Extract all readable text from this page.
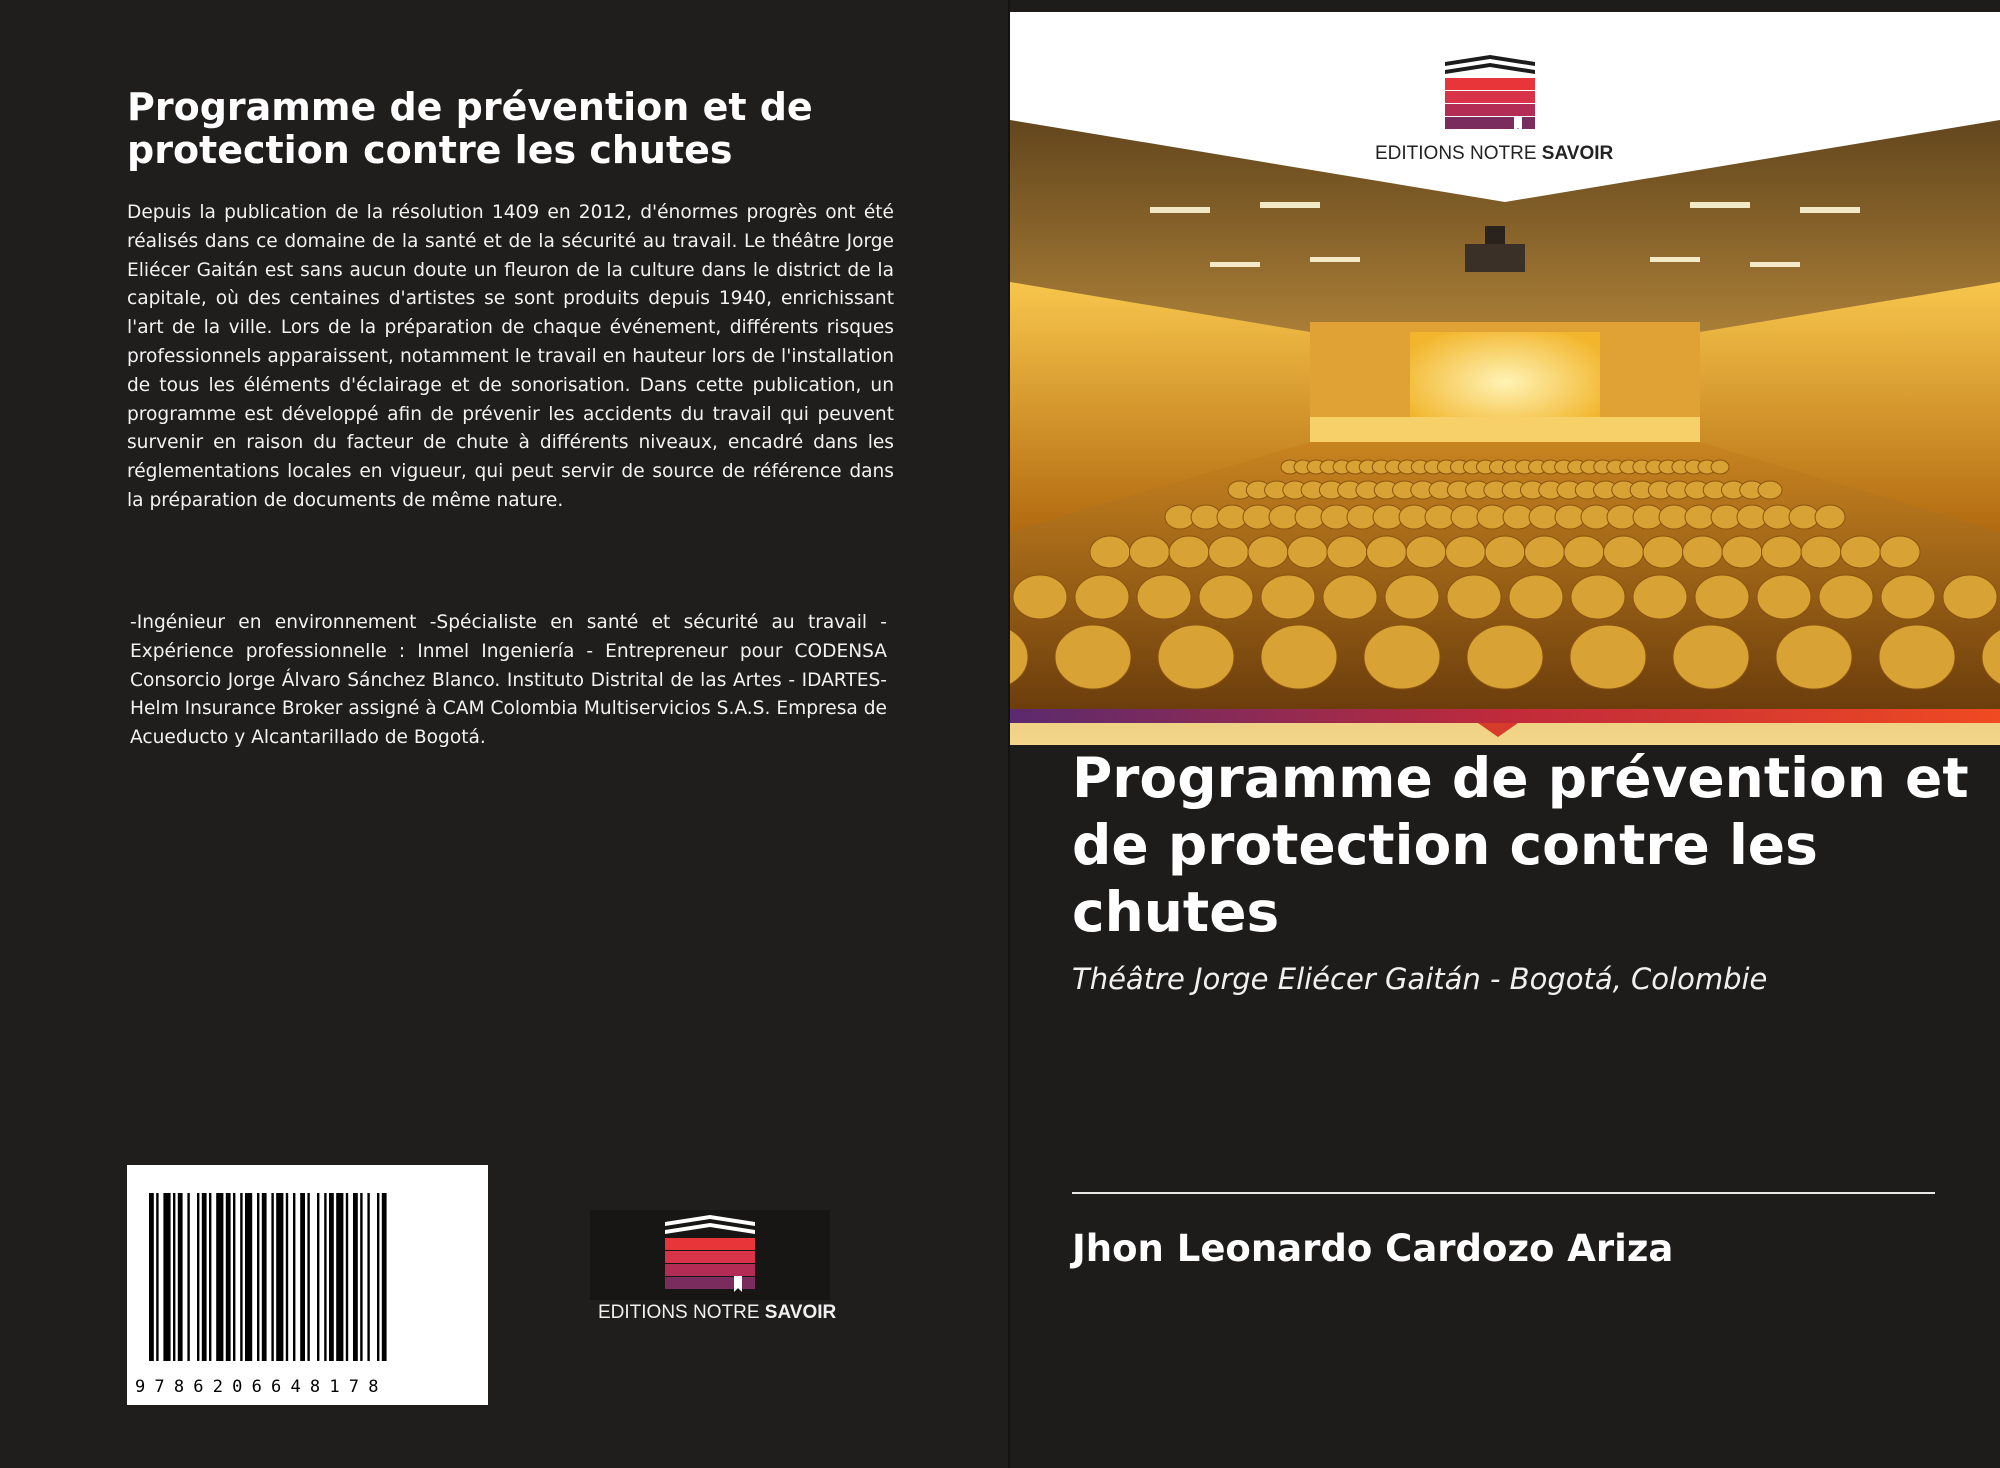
Programme de prévention et de protection contre les chutes

Depuis la publication de la résolution 1409 en 2012, d'énormes progrès ont été réalisés dans ce domaine de la santé et de la sécurité au travail. Le théâtre Jorge Eliécer Gaitán est sans aucun doute un fleuron de la culture dans le district de la capitale, où des centaines d'artistes se sont produits depuis 1940, enrichissant l'art de la ville. Lors de la préparation de chaque événement, différents risques professionnels apparaissent, notamment le travail en hauteur lors de l'installation de tous les éléments d'éclairage et de sonorisation. Dans cette publication, un programme est développé afin de prévenir les accidents du travail qui peuvent survenir en raison du facteur de chute à différents niveaux, encadré dans les réglementations locales en vigueur, qui peut servir de source de référence dans la préparation de documents de même nature.

-Ingénieur en environnement -Spécialiste en santé et sécurité au travail -Expérience professionnelle : Inmel Ingeniería - Entrepreneur pour CODENSA Consorcio Jorge Álvaro Sánchez Blanco. Instituto Distrital de las Artes - IDARTES- Helm Insurance Broker assigné à CAM Colombia Multiservicios S.A.S. Empresa de Acueducto y Alcantarillado de Bogotá.

9786206648178
EDITIONS NOTRE SAVOIR
EDITIONS NOTRE SAVOIR
Programme de prévention et de protection contre les chutes

Théâtre Jorge Eliécer Gaitán - Bogotá, Colombie

Jhon Leonardo Cardozo Ariza
